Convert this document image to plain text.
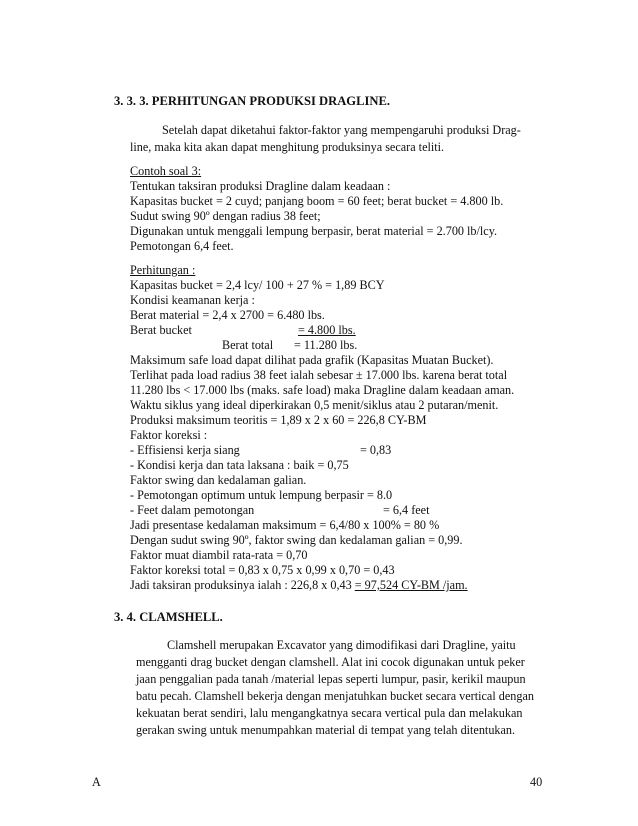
3. 3. 3. PERHITUNGAN PRODUKSI DRAGLINE.
Setelah dapat diketahui faktor-faktor yang mempengaruhi produksi Drag-
line, maka kita akan dapat menghitung produksinya secara teliti.
Contoh soal 3:
Tentukan taksiran produksi Dragline dalam keadaan :
Kapasitas bucket = 2 cuyd; panjang boom = 60 feet; berat bucket = 4.800 lb.
Sudut swing 90º dengan radius 38 feet;
Digunakan untuk menggali lempung berpasir, berat material = 2.700 lb/lcy.
Pemotongan 6,4 feet.
Perhitungan :
Kapasitas bucket = 2,4 lcy/ 100 + 27 % = 1,89 BCY
Kondisi keamanan kerja :
Berat material = 2,4 x 2700 = 6.480 lbs.
Berat bucket	= 4.800 lbs.
Berat total = 11.280 lbs.
Maksimum safe load dapat dilihat pada grafik (Kapasitas Muatan Bucket).
Terlihat pada load radius 38 feet ialah sebesar ± 17.000 lbs. karena berat total
11.280 lbs < 17.000 lbs (maks. safe load) maka Dragline dalam keadaan aman.
Waktu siklus yang ideal diperkirakan 0,5 menit/siklus atau 2 putaran/menit.
Produksi maksimum teoritis = 1,89 x 2 x 60 = 226,8 CY-BM
Faktor koreksi :
- Effisiensi kerja siang	= 0,83
- Kondisi kerja dan tata laksana : baik = 0,75
Faktor swing dan kedalaman galian.
- Pemotongan optimum untuk lempung berpasir = 8.0
- Feet dalam pemotongan	= 6,4 feet
Jadi presentase kedalaman maksimum = 6,4/80 x 100% = 80 %
Dengan sudut swing 90º, faktor swing dan kedalaman galian = 0,99.
Faktor muat diambil rata-rata = 0,70
Faktor koreksi total = 0,83 x 0,75 x 0,99 x 0,70 = 0,43
Jadi taksiran produksinya ialah : 226,8 x 0,43 = 97,524 CY-BM /jam.
3. 4. CLAMSHELL.
Clamshell merupakan Excavator yang dimodifikasi dari Dragline, yaitu
mengganti drag bucket dengan clamshell. Alat ini cocok digunakan untuk peker
jaan penggalian pada tanah /material lepas seperti lumpur, pasir, kerikil maupun
batu pecah. Clamshell bekerja dengan menjatuhkan bucket secara vertical dengan
kekuatan berat sendiri, lalu mengangkatnya secara vertical pula dan melakukan
gerakan swing untuk menumpahkan material di tempat yang telah ditentukan.
A	40
